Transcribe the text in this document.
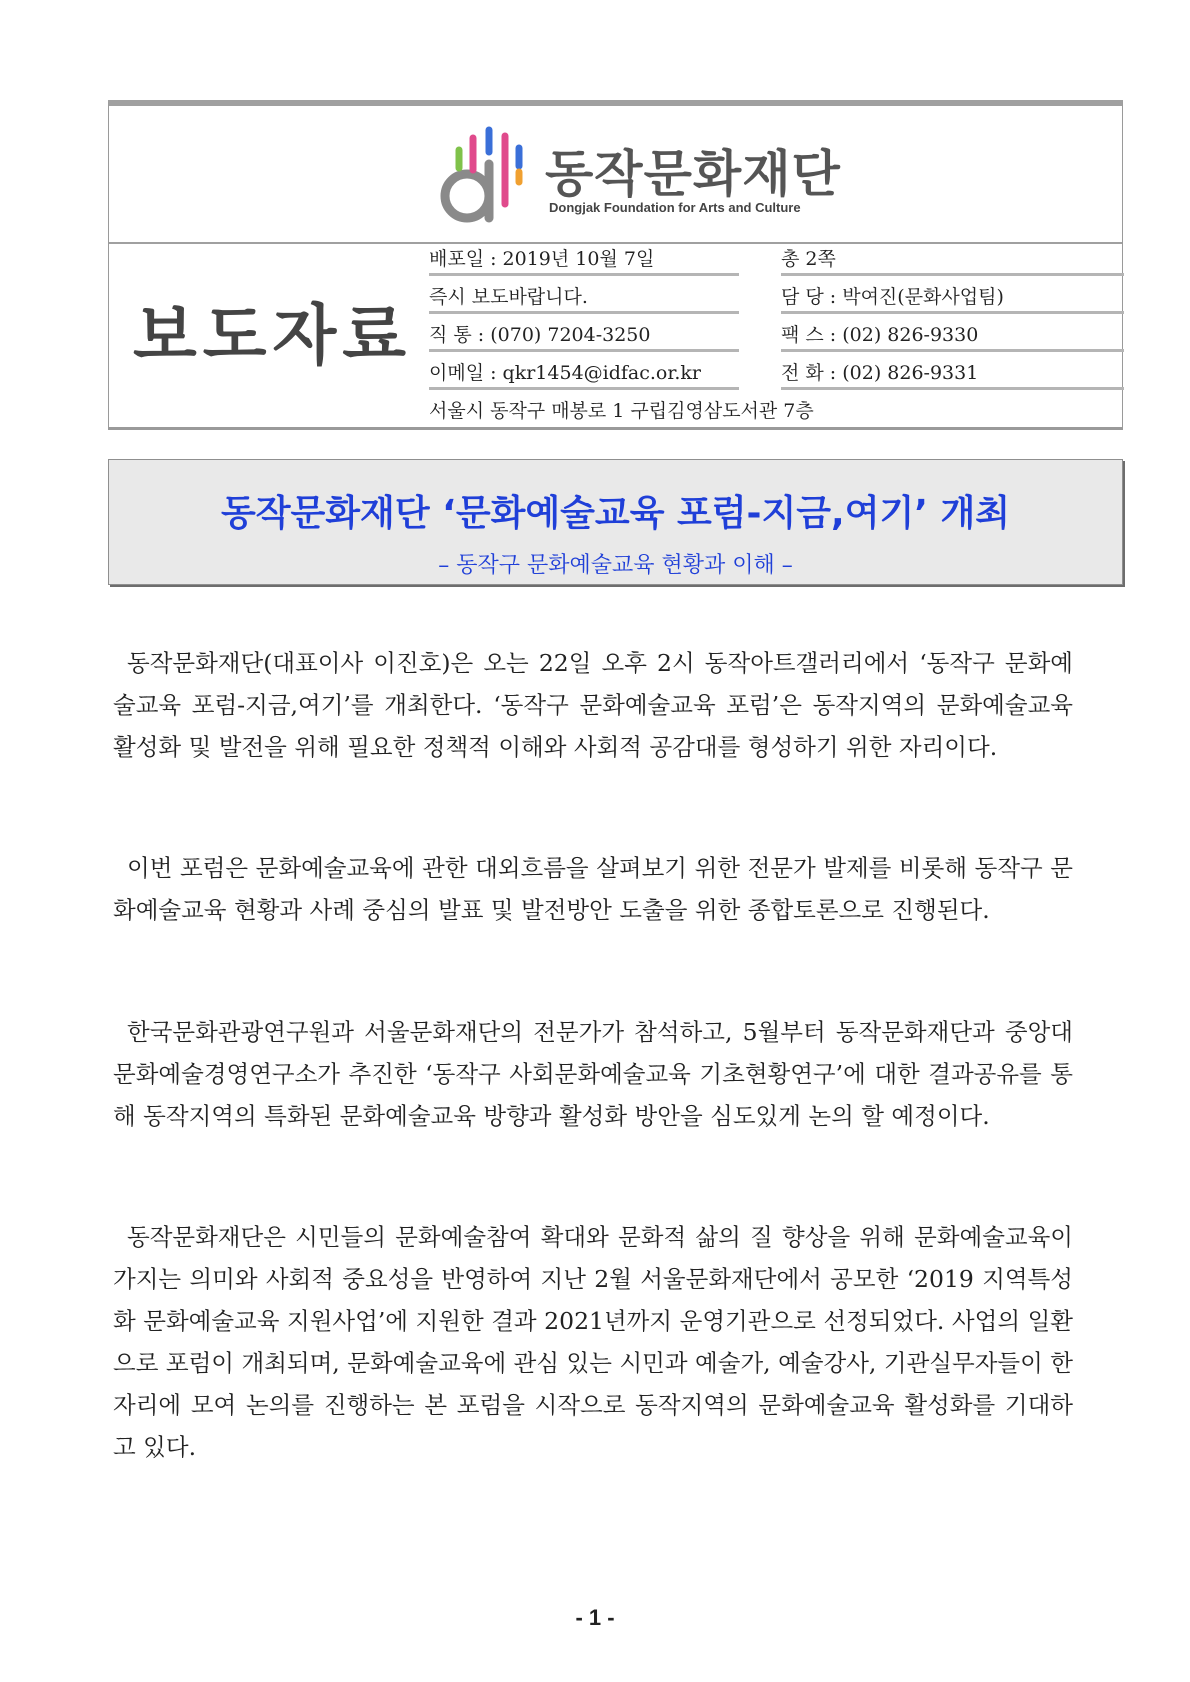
동작문화재단
Dongjak Foundation for Arts and Culture
보도자료
배포일 : 2019년 10월 7일	총 2쪽
즉시 보도바랍니다.	담 당 : 박여진(문화사업팀)
직 통 : (070) 7204-3250	팩 스 : (02) 826-9330
이메일 : qkr1454@idfac.or.kr	전 화 : (02) 826-9331
서울시 동작구 매봉로 1 구립김영삼도서관 7층
동작문화재단 ‘문화예술교육 포럼-지금,여기’ 개최
– 동작구 문화예술교육 현황과 이해 –
동작문화재단(대표이사 이진호)은 오는 22일 오후 2시 동작아트갤러리에서 ‘동작구 문화예술교육 포럼-지금,여기’를 개최한다. ‘동작구 문화예술교육 포럼’은 동작지역의 문화예술교육 활성화 및 발전을 위해 필요한 정책적 이해와 사회적 공감대를 형성하기 위한 자리이다.
이번 포럼은 문화예술교육에 관한 대외흐름을 살펴보기 위한 전문가 발제를 비롯해 동작구 문화예술교육 현황과 사례 중심의 발표 및 발전방안 도출을 위한 종합토론으로 진행된다.
한국문화관광연구원과 서울문화재단의 전문가가 참석하고, 5월부터 동작문화재단과 중앙대 문화예술경영연구소가 추진한 ‘동작구 사회문화예술교육 기초현황연구’에 대한 결과공유를 통해 동작지역의 특화된 문화예술교육 방향과 활성화 방안을 심도있게 논의 할 예정이다.
동작문화재단은 시민들의 문화예술참여 확대와 문화적 삶의 질 향상을 위해 문화예술교육이 가지는 의미와 사회적 중요성을 반영하여 지난 2월 서울문화재단에서 공모한 ‘2019 지역특성화 문화예술교육 지원사업’에 지원한 결과 2021년까지 운영기관으로 선정되었다. 사업의 일환으로 포럼이 개최되며, 문화예술교육에 관심 있는 시민과 예술가, 예술강사, 기관실무자들이 한자리에 모여 논의를 진행하는 본 포럼을 시작으로 동작지역의 문화예술교육 활성화를 기대하고 있다.
- 1 -
